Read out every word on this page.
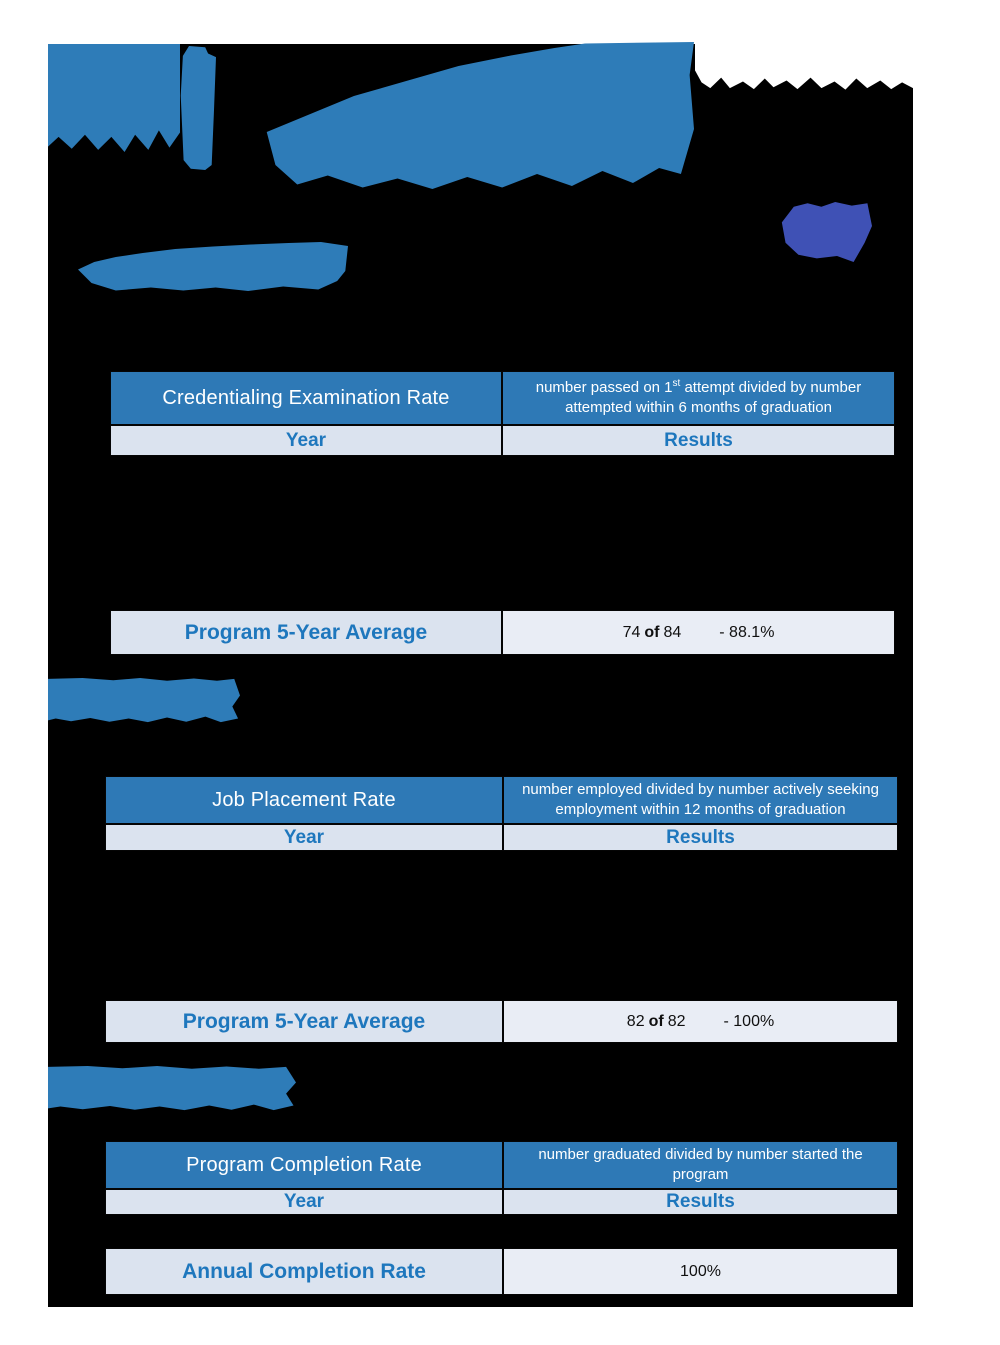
Credentialing Examination Rate	number passed on 1st attempt divided by number attempted within 6 months of graduation
Year	Results
Program 5-Year Average	74 of 84 - 88.1%
Job Placement Rate	number employed divided by number actively seeking employment within 12 months of graduation
Year	Results
Program 5-Year Average	82 of 82 - 100%
Program Completion Rate	number graduated divided by number started the program
Year	Results
Annual Completion Rate	100%
